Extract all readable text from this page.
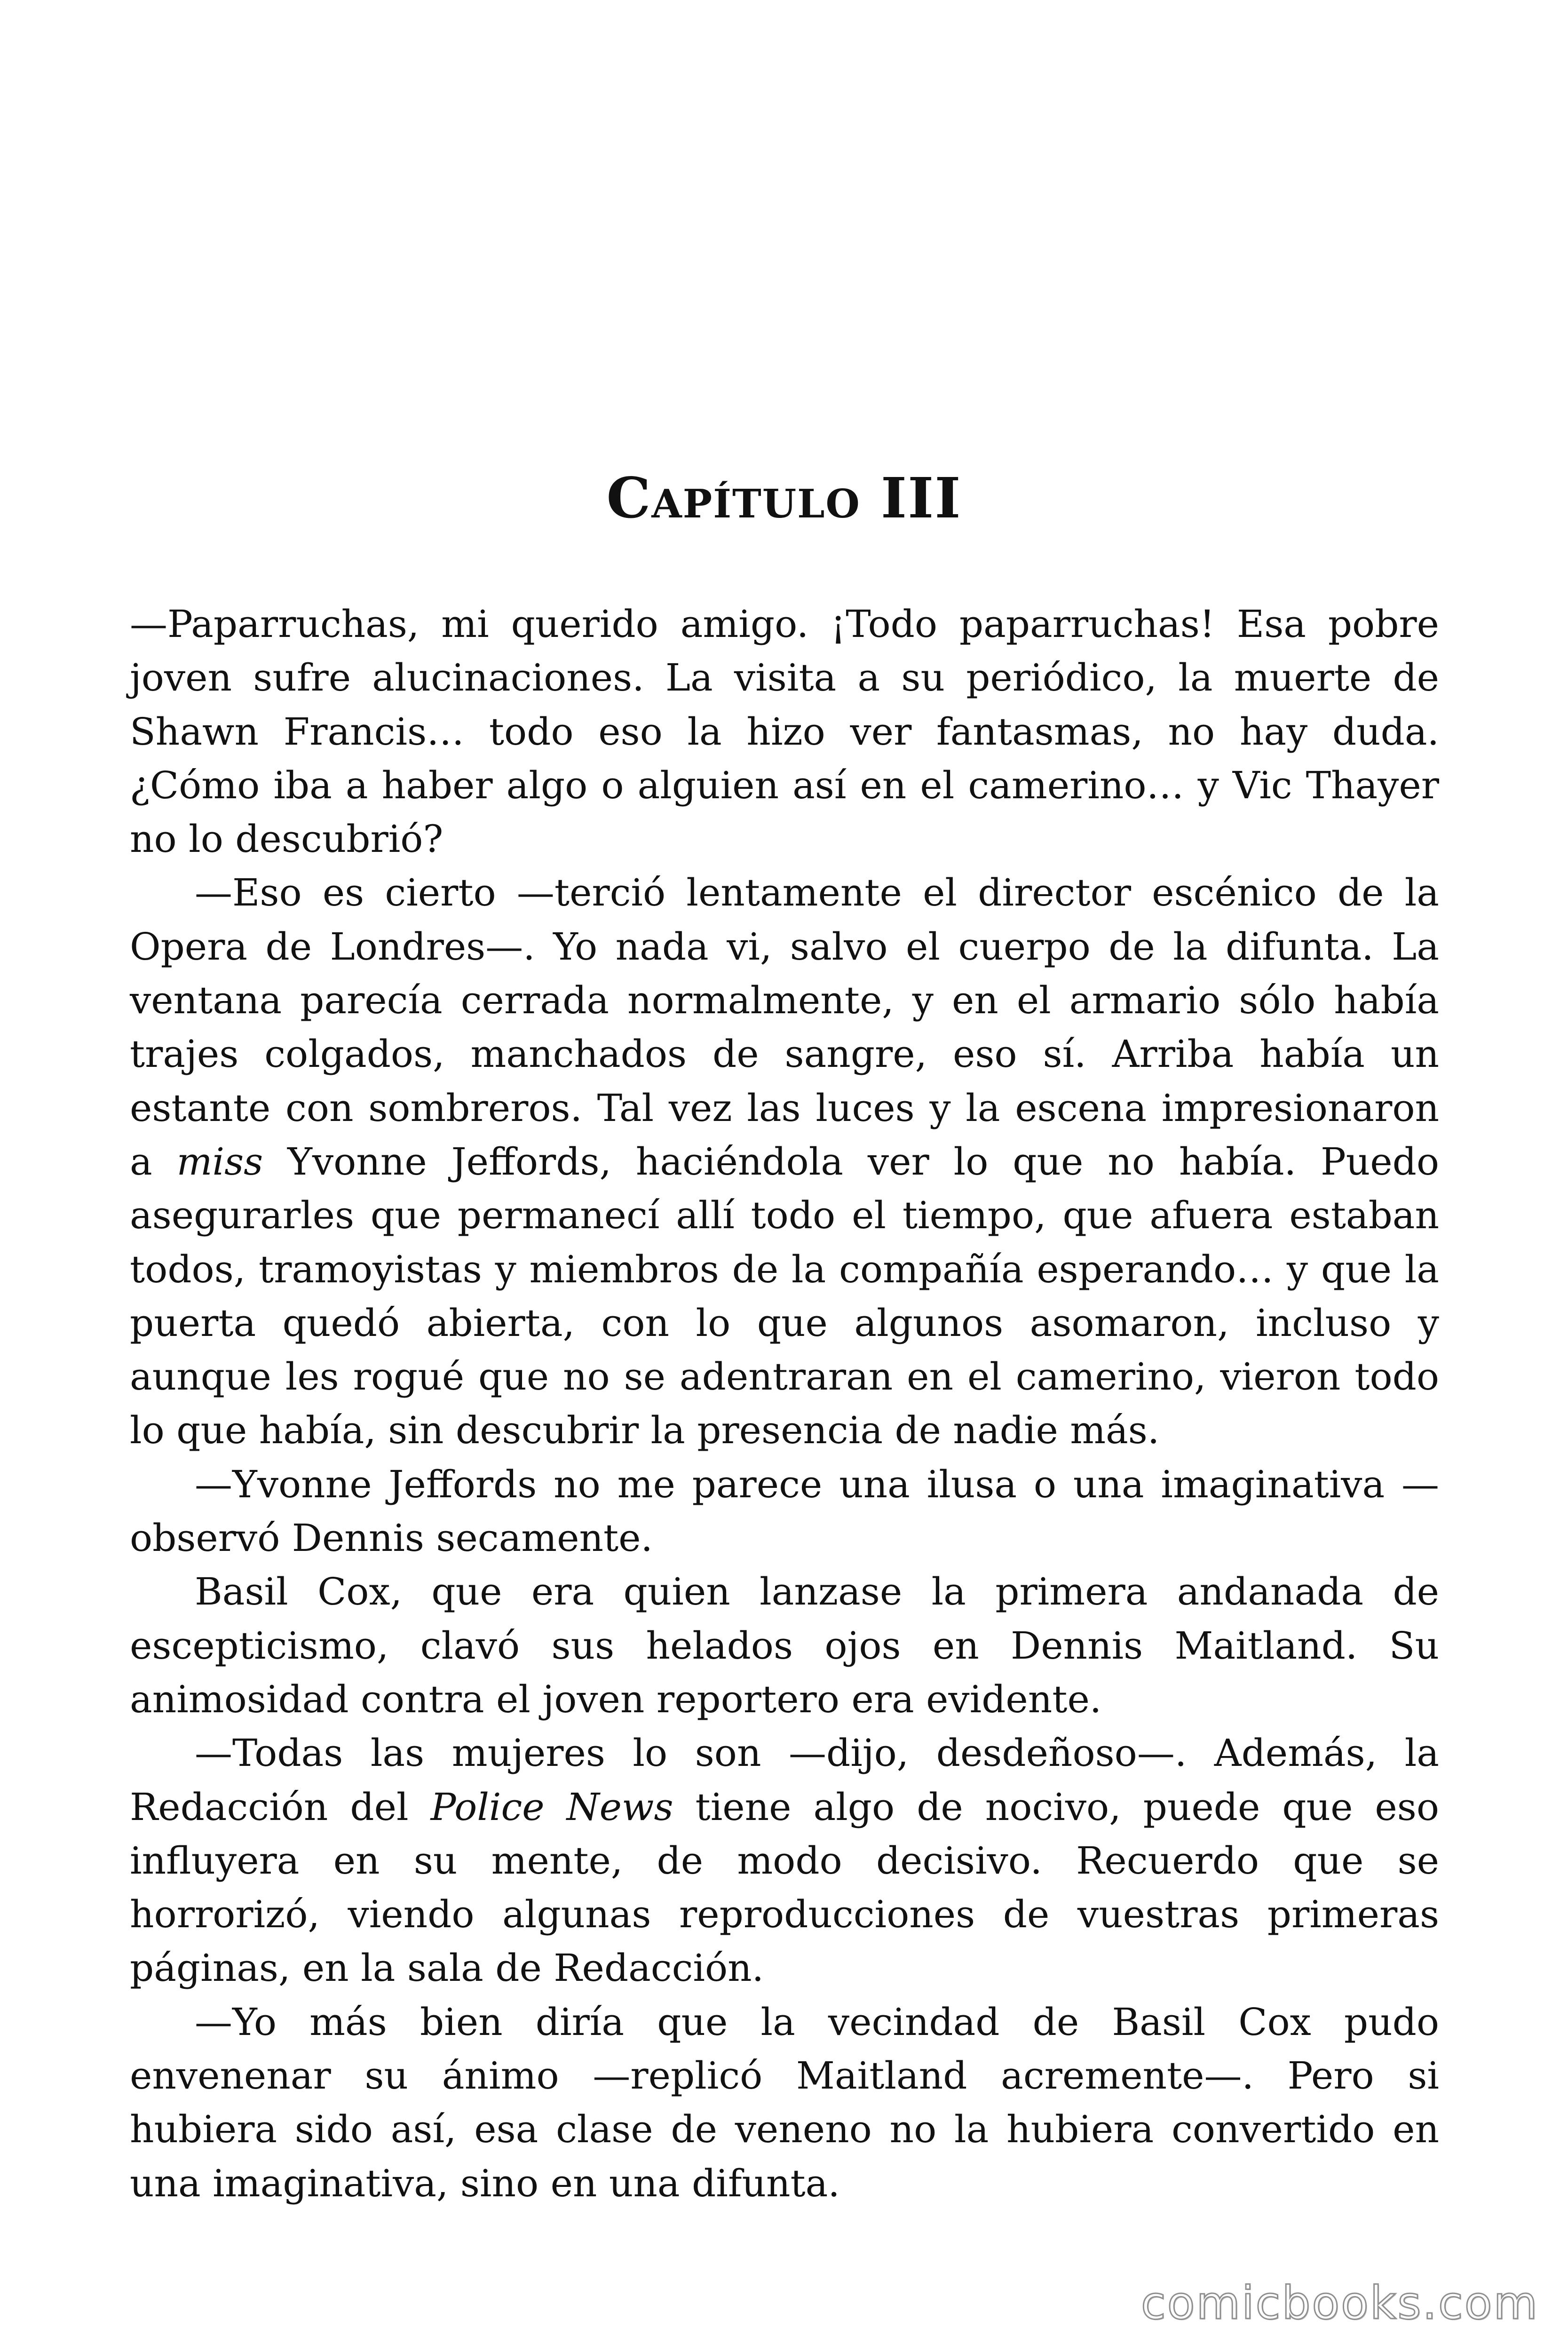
Capítulo III

—Paparruchas, mi querido amigo. ¡Todo paparruchas! Esa pobre joven sufre alucinaciones. La visita a su periódico, la muerte de Shawn Francis… todo eso la hizo ver fantasmas, no hay duda. ¿Cómo iba a haber algo o alguien así en el camerino… y Vic Thayer no lo descubrió?

—Eso es cierto —terció lentamente el director escénico de la Opera de Londres—. Yo nada vi, salvo el cuerpo de la difunta. La ventana parecía cerrada normalmente, y en el armario sólo había trajes colgados, manchados de sangre, eso sí. Arriba había un estante con sombreros. Tal vez las luces y la escena impresionaron a miss Yvonne Jeffords, haciéndola ver lo que no había. Puedo asegurarles que permanecí allí todo el tiempo, que afuera estaban todos, tramoyistas y miembros de la compañía esperando… y que la puerta quedó abierta, con lo que algunos asomaron, incluso y aunque les rogué que no se adentraran en el camerino, vieron todo lo que había, sin descubrir la presencia de nadie más.

—Yvonne Jeffords no me parece una ilusa o una imaginativa —observó Dennis secamente.

Basil Cox, que era quien lanzase la primera andanada de escepticismo, clavó sus helados ojos en Dennis Maitland. Su animosidad contra el joven reportero era evidente.

—Todas las mujeres lo son —dijo, desdeñoso—. Además, la Redacción del Police News tiene algo de nocivo, puede que eso influyera en su mente, de modo decisivo. Recuerdo que se horrorizó, viendo algunas reproducciones de vuestras primeras páginas, en la sala de Redacción.

—Yo más bien diría que la vecindad de Basil Cox pudo envenenar su ánimo —replicó Maitland acremente—. Pero si hubiera sido así, esa clase de veneno no la hubiera convertido en una imaginativa, sino en una difunta.

comicbooks.com
